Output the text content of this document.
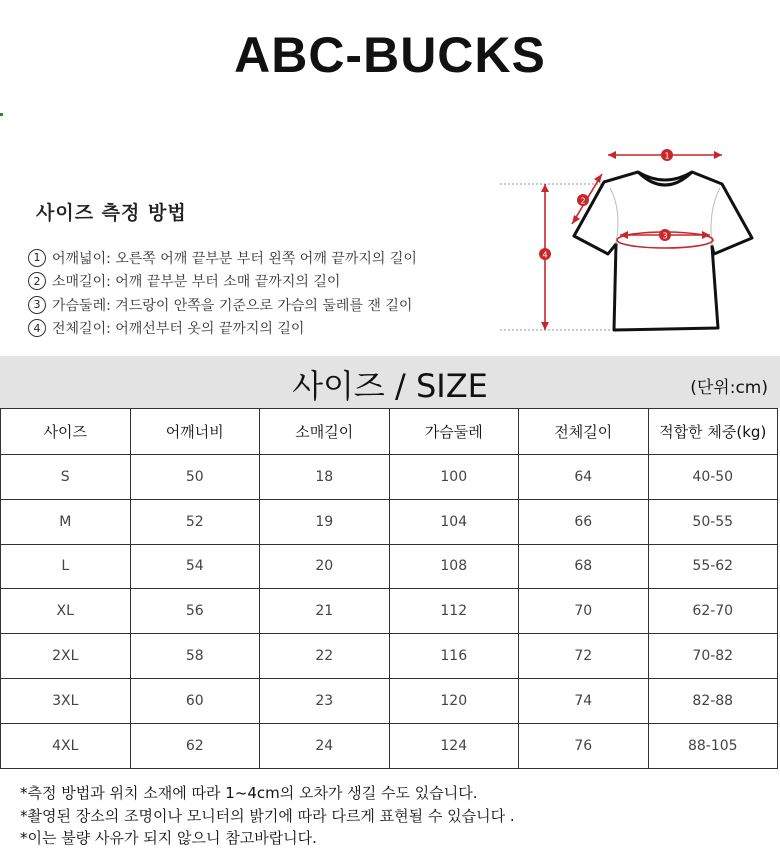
ABC-BUCKS
사이즈 측정 방법
1 어깨넓이: 오른쪽 어깨 끝부분 부터 왼쪽 어깨 끝까지의 길이
2 소매길이: 어깨 끝부분 부터 소매 끝까지의 길이
3 가슴둘레: 겨드랑이 안쪽을 기준으로 가슴의 둘레를 잰 길이
4 전체길이: 어깨선부터 옷의 끝까지의 길이
1
2
3
4
사이즈 / SIZE	(단위:cm)
사이즈	어깨너비	소매길이	가슴둘레	전체길이	적합한 체중(kg)
S	50	18	100	64	40-50
M	52	19	104	66	50-55
L	54	20	108	68	55-62
XL	56	21	112	70	62-70
2XL	58	22	116	72	70-82
3XL	60	23	120	74	82-88
4XL	62	24	124	76	88-105
*측정 방법과 위치 소재에 따라 1~4cm의 오차가 생길 수도 있습니다.
*촬영된 장소의 조명이나 모니터의 밝기에 따라 다르게 표현될 수 있습니다 .
*이는 불량 사유가 되지 않으니 참고바랍니다.
